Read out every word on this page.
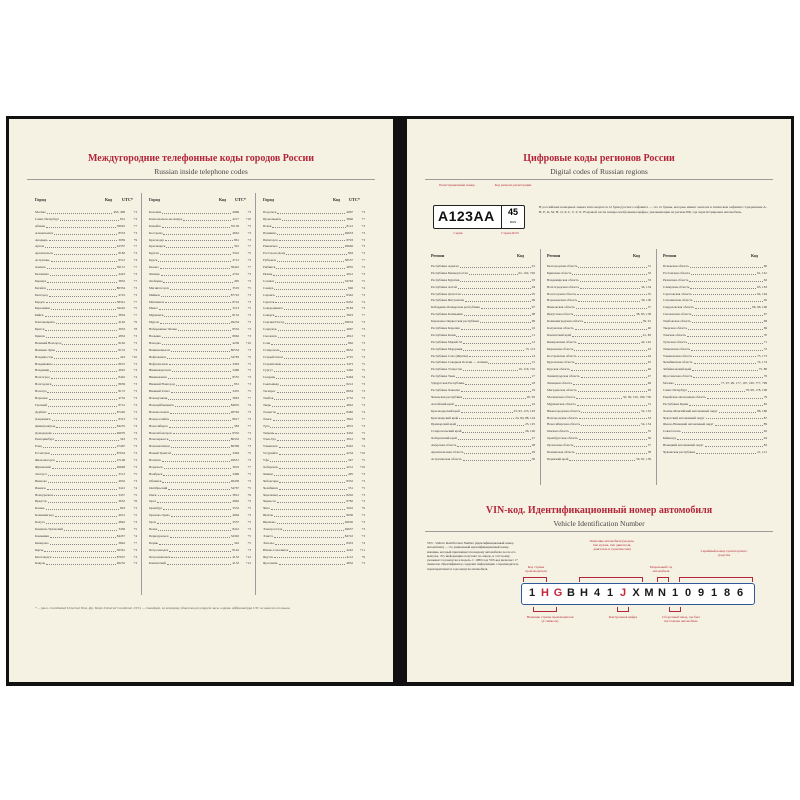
Междугородние телефонные коды городов России
Russian inside telephone codes
Город	Код UTC*	Город	Код UTC*	Город	Код UTC*
Москва	495, 499	+3
Санкт-Петербург	812	+3
Абакан	39022	+7
Альметьевск	8553	+3
Анадырь	3959	+9
Артем	42337	+7
Архангельск	8182	+3
Астрахань	8512	+4
Ачинск	39151	+7
Балашиха	4423	+3
Барнаул	3852	+7
Батайск	86354	+3
Белгород	4722	+3
Бердск	38341	+7
Березники	34242	+5
Бийск	3854	+7
Благовещенск	4162	+9
Братск	3953	+8
Брянск	4832	+3
Великий Новгород	8162	+3
Великие Луки	8153	+3
Владивосток	423	+10
Владикавказ	8672	+3
Владимир	4922	+3
Волгоград	8442	+4
Волгодонск	8639	+3
Вологда	8172	+3
Воронеж	4732	+3
Грозный	8712	+3
Дербент	87240	+3
Дзержинск	8313	+3
Димитровград	84235	+4
Домодедово	49679	+3
Екатеринбург	343	+5
Елец	47467	+3
Ессентуки	87934	+3
Железногорск	47148	+3
Жуковский	49648	+3
Златоуст	3513	+5
Иваново	4932	+3
Ижевск	3412	+4
Новоуральск	3437	+5
Иркутск	3952	+8
Казань	843	+3
Калининград	4012	+2
Калуга	4842	+3
Каменск-Уральский	3439	+5
Камышин	84457	+4
Кемерово	3842	+7
Керчь	36561	+3
Кисловодск	87937	+3
Ковров	49232	+3
Коломна	4966	+3
Комсомольск-на-Амуре	4217	+10
Копейск	35139	+5
Кострома	4942	+3
Краснодар	861	+3
Красноярск	391	+7
Курган	3522	+5
Курск	4712	+3
Кызыл	39422	+7
Липецк	4742	+3
Люберцы	495	+3
Магнитогорск	3519	+5
Майкоп	87722	+3
Махачкала	8722	+3
Миасс	3513	+5
Мурманск	8152	+3
Муром	49234	+3
Набережные Челны	8552	+3
Нальчик	8662	+3
Находка	4236	+10
Невинномысск	86554	+3
Нефтекамск	34783	+5
Нефтеюганск	3463	+5
Нижневартовск	3466	+5
Нижнекамск	8555	+3
Нижний Новгород	831	+3
Нижний Тагил	3435	+5
Новокузнецк	3843	+7
Новокуйбышевск	84635	+4
Новомосковск	48762	+3
Новороссийск	8617	+3
Новосибирск	383	+7
Новочебоксарск	8352	+3
Новочеркасск	86352	+3
Новошахтинск	86369	+3
Новый Уренгой	3494	+5
Ногинск	49651	+3
Норильск	3919	+7
Ноябрьск	3496	+5
Обнинск	48439	+3
Октябрьский	34767	+5
Омск	3812	+6
Орел	4862	+3
Оренбург	3532	+5
Орехово-Зуево	4964	+3
Орск	3537	+5
Пенза	8412	+3
Первоуральск	34392	+5
Пермь	342	+5
Петрозаводск	8142	+3
Петропавловск	4152	+12
Камчатский	4152	+12
Подольск	4967	+3
Прокопьевск	3846	+7
Псков	8112	+3
Пушкино	49653	+3
Пятигорск	8793	+3
Раменское	49646	+3
Ростов-на-Дону	863	+3
Рубцовск	38557	+7
Рыбинск	4855	+3
Рязань	4912	+3
Салават	34763	+5
Самара	846	+4
Саранск	8342	+3
Саратов	8452	+4
Северодвинск	8184	+3
Северск	3823	+7
Сергиев Посад	49654	+3
Серпухов	4967	+3
Смоленск	4812	+3
Сочи	862	+3
Ставрополь	8652	+3
Старый Оскол	4725	+3
Стерлитамак	3473	+5
Сургут	3462	+5
Сызрань	8464	+4
Сыктывкар	8212	+3
Таганрог	8634	+3
Тамбов	4752	+3
Тверь	4822	+3
Тольятти	8482	+4
Томск	3822	+7
Тула	4872	+3
Тюмень	3452	+5
Улан-Удэ	3012	+8
Ульяновск	8422	+4
Уссурийск	4234	+10
Уфа	347	+5
Хабаровск	4212	+10
Химки	495	+3
Чебоксары	8352	+3
Челябинск	351	+5
Череповец	8202	+3
Черкесск	8782	+3
Чита	3022	+9
Шахты	8636	+3
Щелково	49656	+3
Электросталь	49657	+3
Элиста	84722	+3
Энгельс	8453	+4
Южно-Сахалинск	4242	+11
Якутск	4112	+9
Ярославль	4852	+3
* ... (англ. Coordinated Universal Time, фр. Temps Universel Coordonné, UTC) — стандарт, по которому общество регулирует часы и время. Аббревиатура UTC не зависит от языка.
Цифровые коды регионов России
Digital codes of Russian regions
Регистрационный номер	Код региона регистрации
А123АА	45
RUS
Серия	Страна RUS
В российских номерных знаках используются 12 букв русского алфавита — это те буквы, которые имеют аналоги в латинском алфавите: Срединские А, В, Е, К, М, Н, О, Р, С, Т, У, Х. В правой части номера изображены цифры, указывающие на регион РФ, где зарегистрирован автомобиль.
Регион	Код	Регион	Код	Регион	Код
Республика Адыгея	01
Республика Башкортостан	02, 102, 702
Республика Бурятия	03
Республика Алтай	04
Республика Дагестан	05
Республика Ингушетия	06
Кабардино-Балкарская республика	07
Республика Калмыкия	08
Карачаево-Черкесская республика	09
Республика Карелия	10
Республика Коми	11
Республика Марий Эл	12
Республика Мордовия	13, 113
Республика Саха (Якутия)	14
Республика Северная Осетия — Алания	15
Республика Татарстан	16, 116, 716
Республика Тыва	17
Удмуртская Республика	18
Республика Хакасия	19
Чеченская республика	20, 95
Алтайский край	22
Краснодарский край	23, 93, 123, 193
Красноярский край	24, 84, 88, 124
Приморский край	25, 125
Ставропольский край	26, 126
Хабаровский край	27
Амурская область	28
Архангельская область	29
Астраханская область	30
Белгородская область	31
Брянская область	32
Владимирская область	33
Волгоградская область	34, 134
Вологодская область	35
Воронежская область	36, 136
Ивановская область	37
Иркутская область	38, 85, 138
Калининградская область	39, 91
Калужская область	40
Камчатский край	41, 82
Кемеровская область	42, 142
Кировская область	43
Костромская область	44
Курганская область	45
Курская область	46
Ленинградская область	47
Липецкая область	48
Магаданская область	49
Московская область	50, 90, 150, 190, 750
Мурманская область	51
Нижегородская область	52, 152
Новгородская область	53
Новосибирская область	54, 154
Омская область	55
Оренбургская область	56
Орловская область	57
Пензенская область	58
Пермский край	59, 81, 159
Псковская область	60
Ростовская область	61, 161
Рязанская область	62
Самарская область	63, 163
Саратовская область	64, 164
Сахалинская область	65
Свердловская область	66, 96, 196
Смоленская область	67
Тамбовская область	68
Тверская область	69
Томская область	70
Тульская область	71
Тюменская область	72
Ульяновская область	73, 173
Челябинская область	74, 174
Забайкальский край	75, 80
Ярославская область	76
Москва	77, 97, 99, 177, 197, 199, 777, 799
Санкт-Петербург	78, 98, 178, 198
Еврейская автономная область	79
Республика Крым	82
Ханты-Мансийский автономный округ	86, 186
Чукотский автономный округ	87
Ямало-Ненецкий автономный округ	89
Севастополь	92
Байконур	94
Ненецкий автономный округ	83
Чувашская республика	21, 121
VIN-код. Идентификационный номер автомобиля
Vehicle Identification Number
VIN - Vehicle Identification Number (идентификационный номер автомобиля) — это уникальный идентификационный номер машины, который присваивается каждому автомобилю после его выпуска. Эту информацию получают на заводе, и этот номер указывает год выпуска и модель. С 1980 года VIN-код включает 17 символов. Идентификатор содержит информацию о производителе, характеристиках и годе выпуска автомобиля.	Код страны производителя
Описание автомобиля (модель, тип кузова, тип двигателя, двигатель и трансмиссия)
Модельный год автомобиля
Серийный номер транспортного средства
1 H G B H 4 1 J X M N 1 0 9 1 8 6
Название страны производителя (2 символа)
Контрольная цифра	Сборочный завод, где был изготовлен автомобиль
